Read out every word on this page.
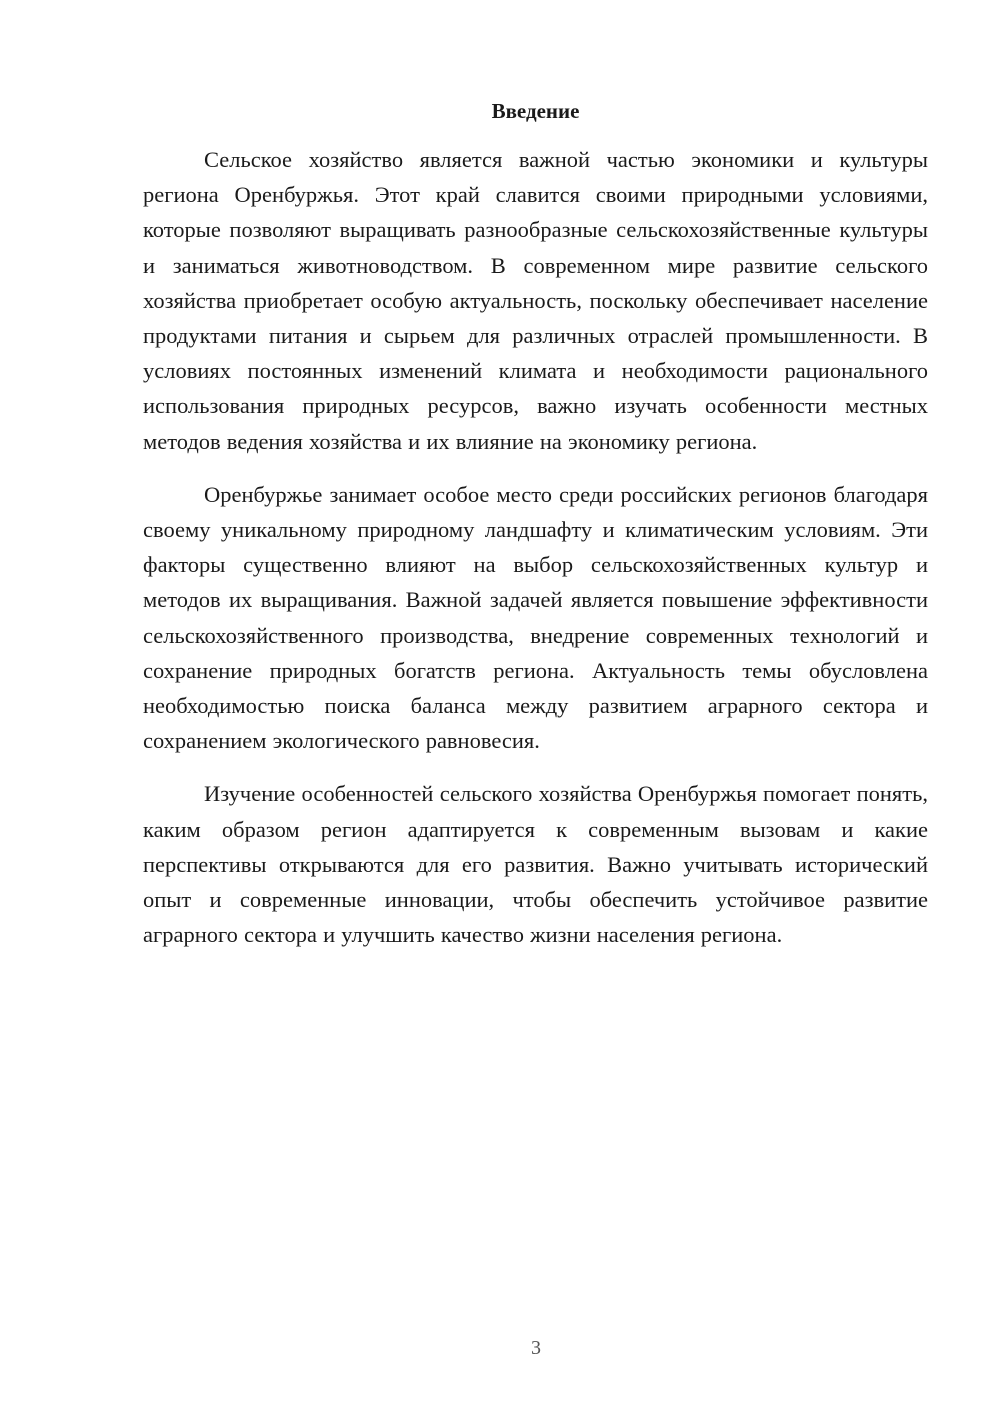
Введение

Сельское хозяйство является важной частью экономики и культуры региона Оренбуржья. Этот край славится своими природными условиями, которые позволяют выращивать разнообразные сельскохозяйственные культуры и заниматься животноводством. В современном мире развитие сельского хозяйства приобретает особую актуальность, поскольку обеспечивает население продуктами питания и сырьем для различных отраслей промышленности. В условиях постоянных изменений климата и необходимости рационального использования природных ресурсов, важно изучать особенности местных методов ведения хозяйства и их влияние на экономику региона.

Оренбуржье занимает особое место среди российских регионов благодаря своему уникальному природному ландшафту и климатическим условиям. Эти факторы существенно влияют на выбор сельскохозяйственных культур и методов их выращивания. Важной задачей является повышение эффективности сельскохозяйственного производства, внедрение современных технологий и сохранение природных богатств региона. Актуальность темы обусловлена необходимостью поиска баланса между развитием аграрного сектора и сохранением экологического равновесия.

Изучение особенностей сельского хозяйства Оренбуржья помогает понять, каким образом регион адаптируется к современным вызовам и какие перспективы открываются для его развития. Важно учитывать исторический опыт и современные инновации, чтобы обеспечить устойчивое развитие аграрного сектора и улучшить качество жизни населения региона.

3
